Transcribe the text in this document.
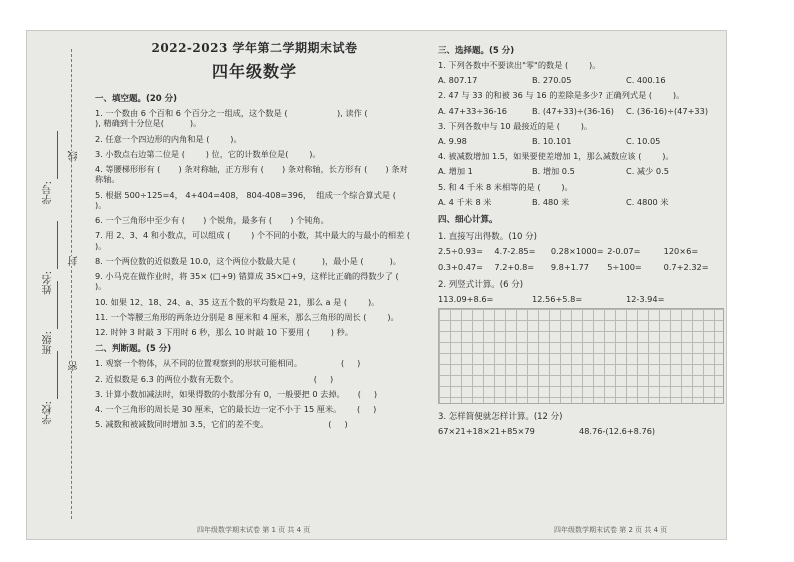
学校:
班级:
姓名:
学号:
密
封
线
2022-2023 学年第二学期期末试卷
四年级数学
一、填空题。(20 分)
1. 一个数由 6 个百和 6 个百分之一组成，这个数是 (                   ), 读作 (                         ), 精确到十分位是(          )。
2. 任意一个四边形的内角和是 (        )。
3. 小数点右边第二位是 (        ) 位，它的计数单位是(        )。
4. 等腰梯形形有 (       ) 条对称轴，正方形有 (       ) 条对称轴，长方形有 (       ) 条对称轴。
5. 根据 500÷125=4， 4+404=408， 804-408=396，  组成一个综合算式是 (                         )。
6. 一个三角形中至少有 (       ) 个锐角，最多有 (       ) 个钝角。
7. 用 2、3、4 和小数点，可以组成 (        ) 个不同的小数，其中最大的与最小的相差 (          )。
8. 一个两位数的近似数是 10.0，这个两位小数最大是 (          )，最小是 (          )。
9. 小马克在做作业时，将 35× (□+9) 错算成 35×□+9，这样比正确的得数少了 (          )。
10. 如果 12、18、24、a、35 这五个数的平均数是 21，那么 a 是 (        )。
11. 一个等腰三角形的两条边分别是 8 厘米和 4 厘米，那么三角形的周长 (        )。
12. 时钟 3 时敲 3 下用时 6 秒，那么 10 时敲 10 下要用 (        ) 秒。
二、判断题。(5 分)
1. 观察一个物体，从不同的位置观察到的形状可能相同。               (     )
2. 近似数是 6.3 的两位小数有无数个。                             (     )
3. 计算小数加减法时，如果得数的小数部分有 0，一般要把 0 去掉。     (     )
4. 一个三角形的周长是 30 厘米，它的最长边一定不小于 15 厘米。      (     )
5. 减数和被减数同时增加 3.5，它们的差不变。                       (     )
四年级数学期末试卷 第 1 页 共 4 页
三、选择题。(5 分)
1. 下列各数中不要读出"零"的数是 (        )。
A. 807.17	B. 270.05	C. 400.16
2. 47 与 33 的和被 36 与 16 的差除是多少? 正确列式是 (        )。
A. 47+33÷36-16	B. (47+33)÷(36-16)	C. (36-16)÷(47+33)
3. 下列各数中与 10 最接近的是 (        )。
A. 9.98	B. 10.101	C. 10.05
4. 被减数增加 1.5，如果要使差增加 1，那么减数应该 (        )。
A. 增加 1	B. 增加 0.5	C. 减少 0.5
5. 和 4 千米 8 米相等的是 (        )。
A. 4 千米 8 米	B. 480 米	C. 4800 米
四、细心计算。
1. 直接写出得数。(10 分)
2.5÷0.93=	4.7-2.85=	0.28×1000= 2-0.07=	120×6=
0.3+0.47=	7.2+0.8=	9.8+1.77	5÷100=	0.7+2.32=
2. 列竖式计算。(6 分)
113.09+8.6=	12.56+5.8=	12-3.94=
3. 怎样简便就怎样计算。(12 分)
67×21+18×21+85×79	48.76-(12.6+8.76)
四年级数学期末试卷 第 2 页 共 4 页
